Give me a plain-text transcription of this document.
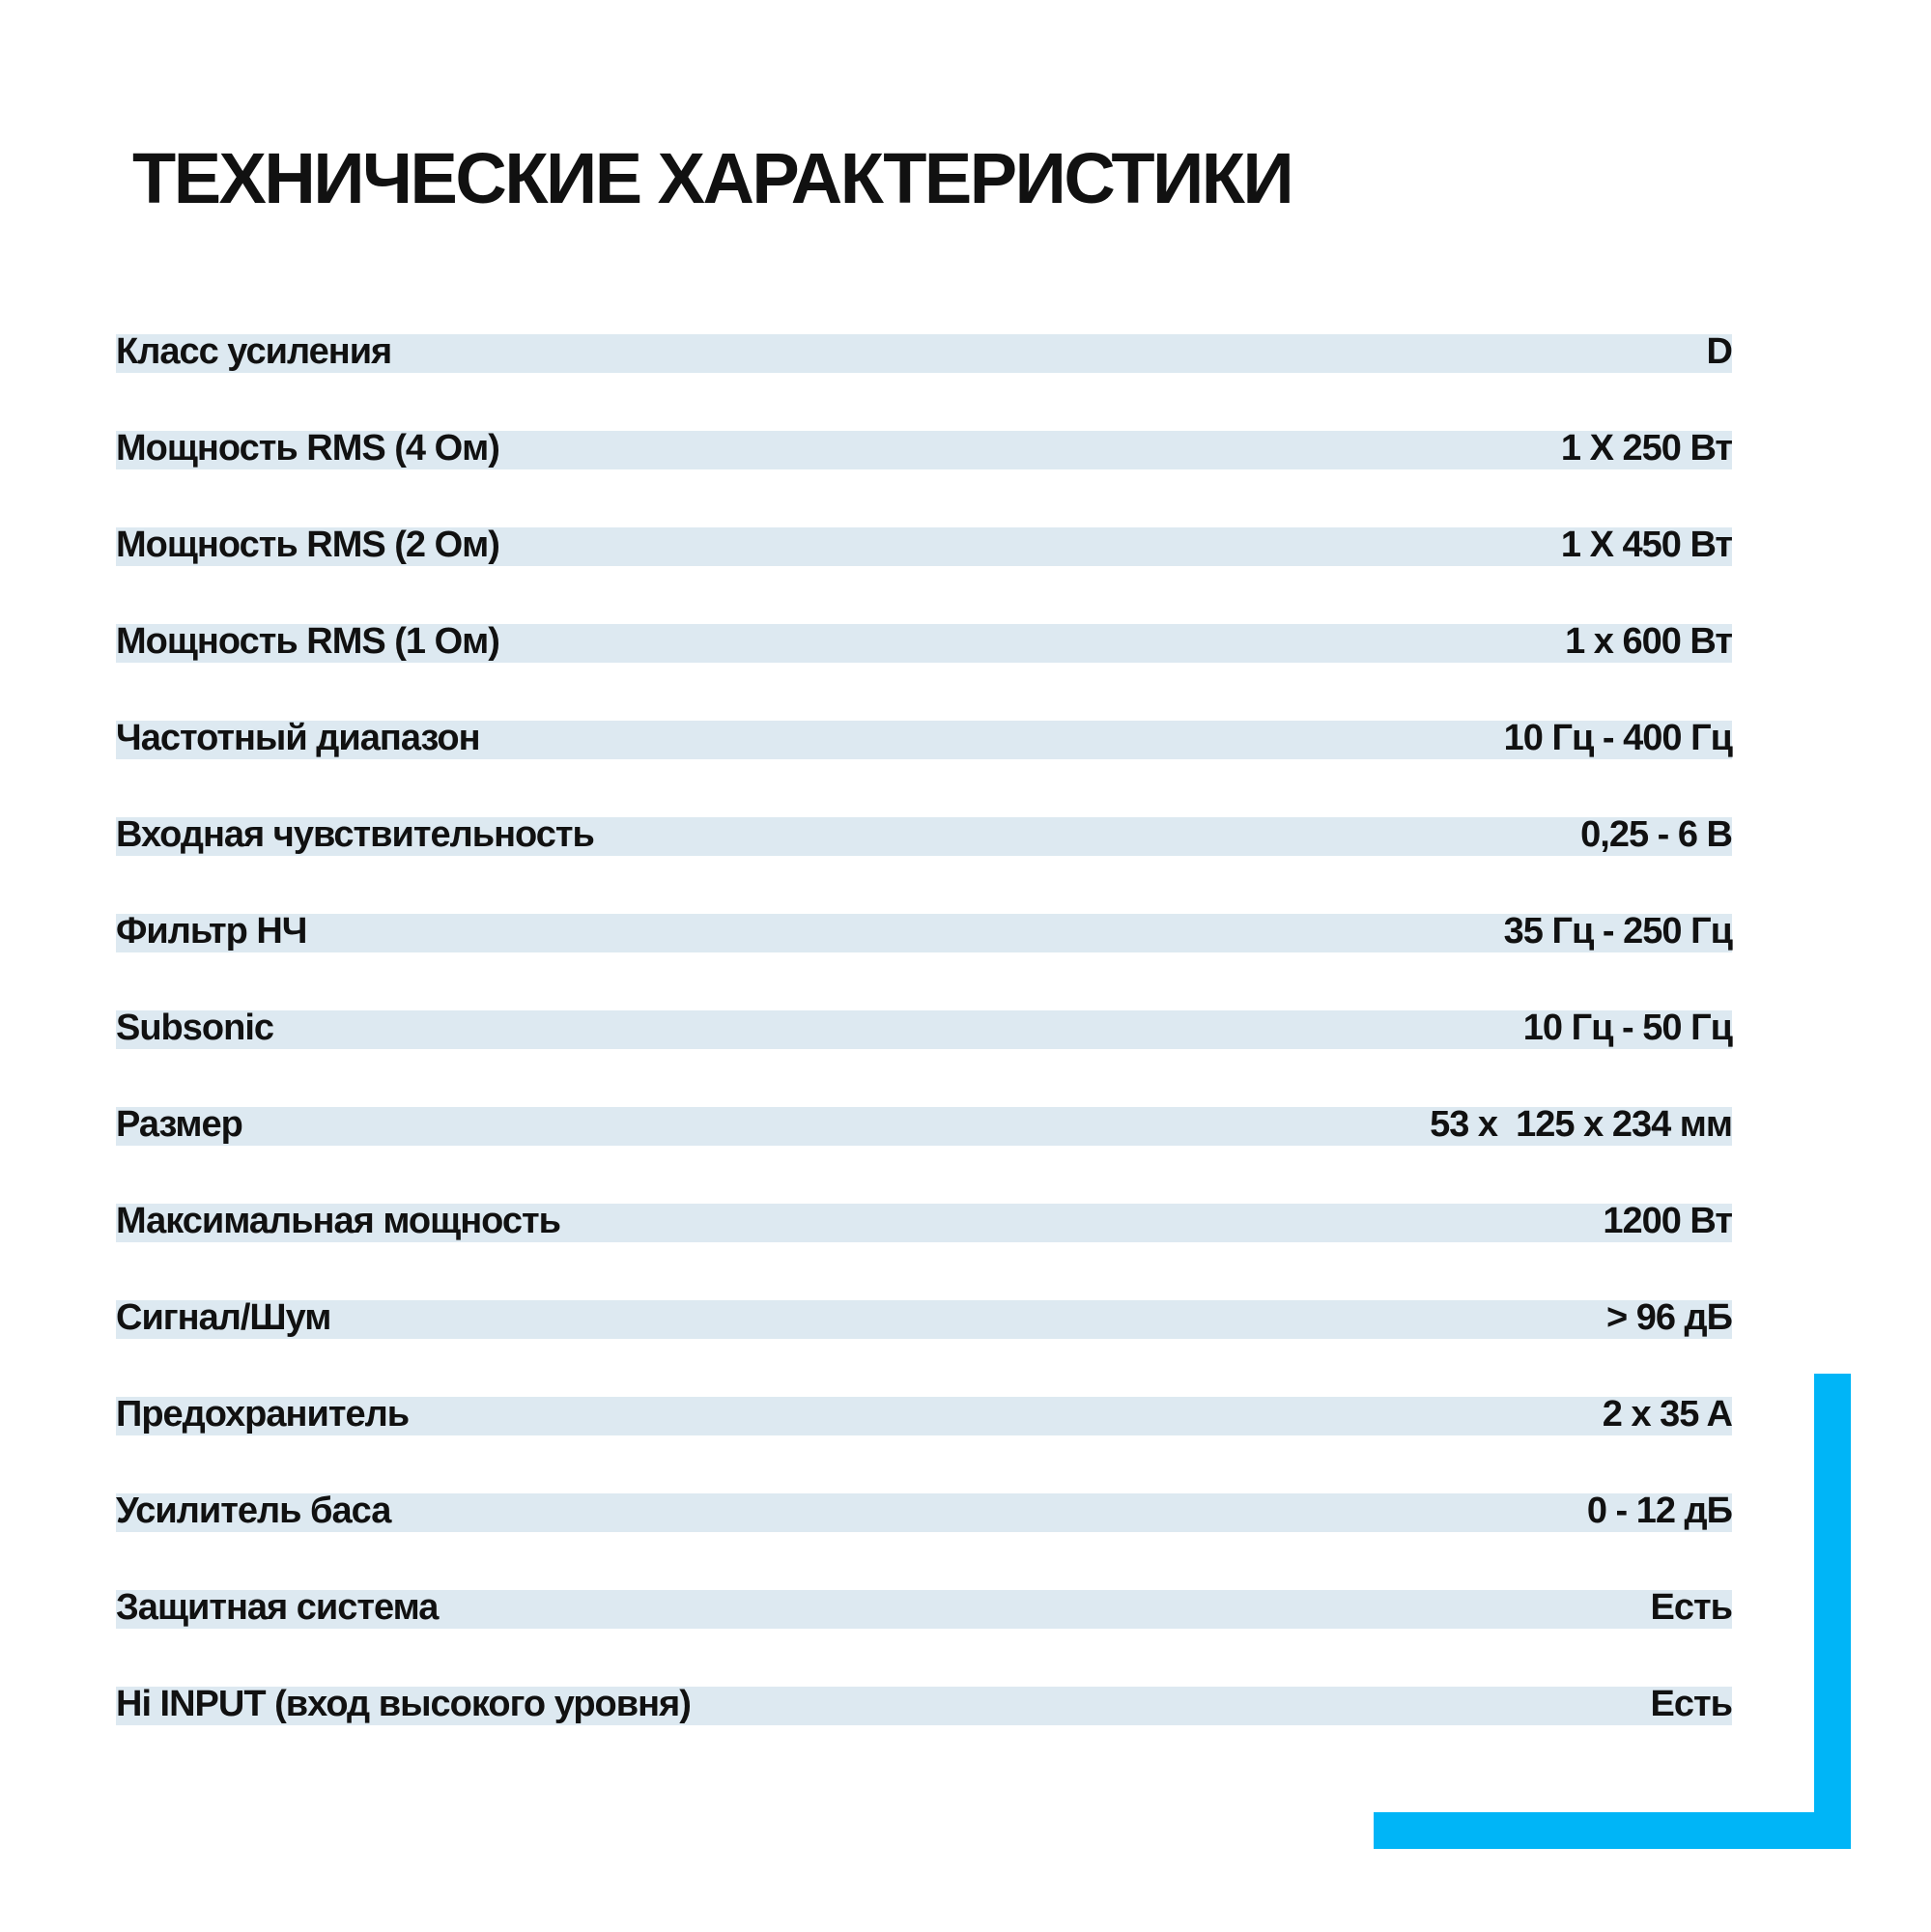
ТЕХНИЧЕСКИЕ ХАРАКТЕРИСТИКИ
Класс усиления	D
Мощность RMS (4 Ом)	1 X 250 Вт
Мощность RMS (2 Ом)	1 X 450 Вт
Мощность RMS (1 Ом)	1 x 600 Вт
Частотный диапазон	10 Гц - 400 Гц
Входная чувствительность	0,25 - 6 В
Фильтр НЧ	35 Гц - 250 Гц
Subsonic	10 Гц - 50 Гц
Размер	53 x  125 x 234 мм
Максимальная мощность	1200 Вт
Сигнал/Шум	> 96 дБ
Предохранитель	2 x 35 A
Усилитель баса	0 - 12 дБ
Защитная система	Есть
Hi INPUT (вход высокого уровня)	Есть
